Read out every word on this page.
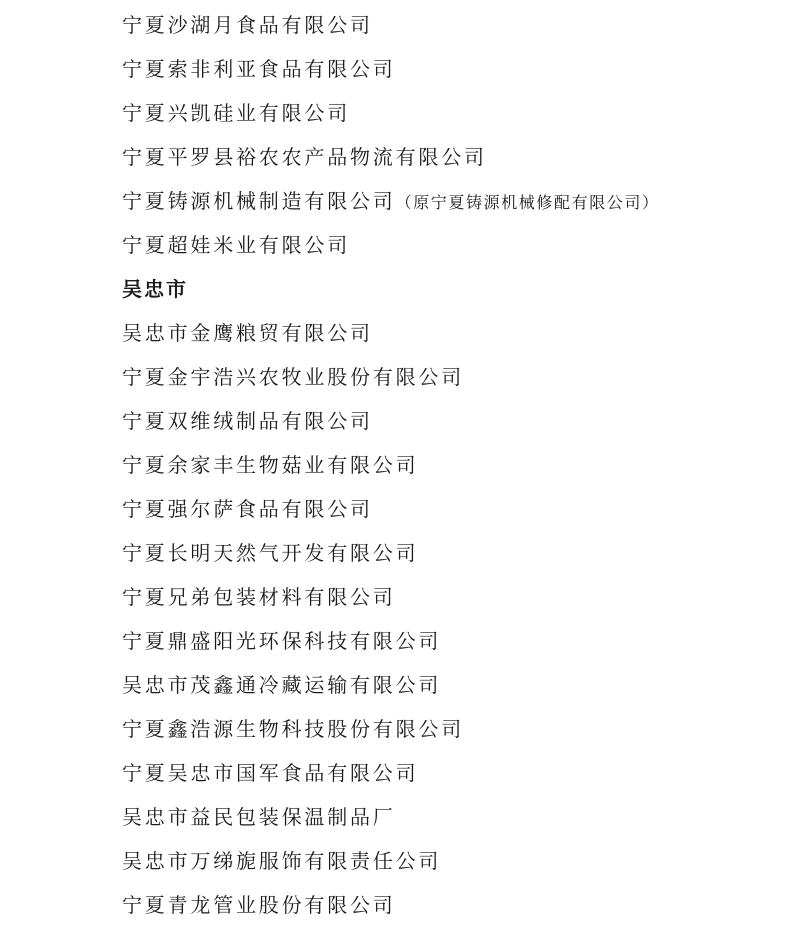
宁夏沙湖月食品有限公司
宁夏索非利亚食品有限公司
宁夏兴凯硅业有限公司
宁夏平罗县裕农农产品物流有限公司
宁夏铸源机械制造有限公司（原宁夏铸源机械修配有限公司）
宁夏超娃米业有限公司
吴忠市
吴忠市金鹰粮贸有限公司
宁夏金宇浩兴农牧业股份有限公司
宁夏双维绒制品有限公司
宁夏余家丰生物菇业有限公司
宁夏强尔萨食品有限公司
宁夏长明天然气开发有限公司
宁夏兄弟包装材料有限公司
宁夏鼎盛阳光环保科技有限公司
吴忠市茂鑫通冷藏运输有限公司
宁夏鑫浩源生物科技股份有限公司
宁夏吴忠市国军食品有限公司
吴忠市益民包装保温制品厂
吴忠市万绨旎服饰有限责任公司
宁夏青龙管业股份有限公司
